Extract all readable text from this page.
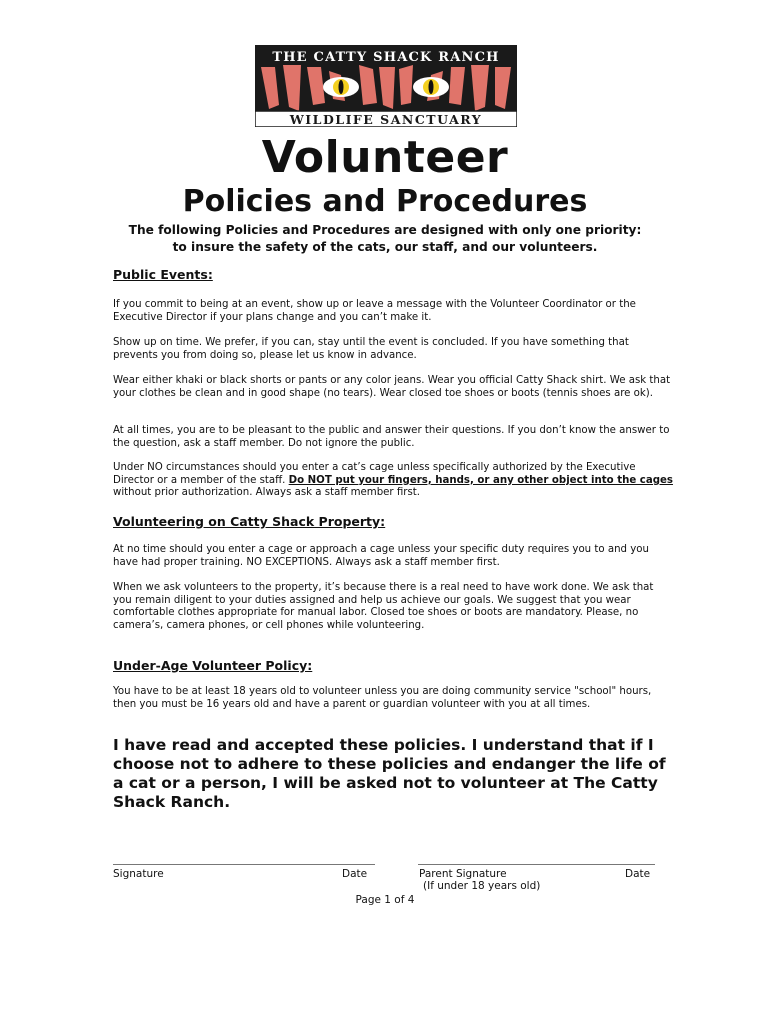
THE CATTY SHACK RANCH
WILDLIFE SANCTUARY
Volunteer
Policies and Procedures
The following Policies and Procedures are designed with only one priority:
to insure the safety of the cats, our staff, and our volunteers.
Public Events:

If you commit to being at an event, show up or leave a message with the Volunteer Coordinator or the Executive Director if your plans change and you can’t make it.

Show up on time. We prefer, if you can, stay until the event is concluded. If you have something that prevents you from doing so, please let us know in advance.

Wear either khaki or black shorts or pants or any color jeans. Wear you official Catty Shack shirt. We ask that your clothes be clean and in good shape (no tears). Wear closed toe shoes or boots (tennis shoes are ok).

At all times, you are to be pleasant to the public and answer their questions. If you don’t know the answer to the question, ask a staff member. Do not ignore the public.

Under NO circumstances should you enter a cat’s cage unless specifically authorized by the Executive Director or a member of the staff. Do NOT put your fingers, hands, or any other object into the cages without prior authorization. Always ask a staff member first.

Volunteering on Catty Shack Property:

At no time should you enter a cage or approach a cage unless your specific duty requires you to and you have had proper training. NO EXCEPTIONS. Always ask a staff member first.

When we ask volunteers to the property, it’s because there is a real need to have work done. We ask that you remain diligent to your duties assigned and help us achieve our goals. We suggest that you wear comfortable clothes appropriate for manual labor. Closed toe shoes or boots are mandatory. Please, no camera’s, camera phones, or cell phones while volunteering.

Under-Age Volunteer Policy:

You have to be at least 18 years old to volunteer unless you are doing community service "school" hours, then you must be 16 years old and have a parent or guardian volunteer with you at all times.

I have read and accepted these policies. I understand that if I choose not to adhere to these policies and endanger the life of a cat or a person, I will be asked not to volunteer at The Catty Shack Ranch.

Signature	Date	Parent Signature	Date
(If under 18 years old)
Page 1 of 4
